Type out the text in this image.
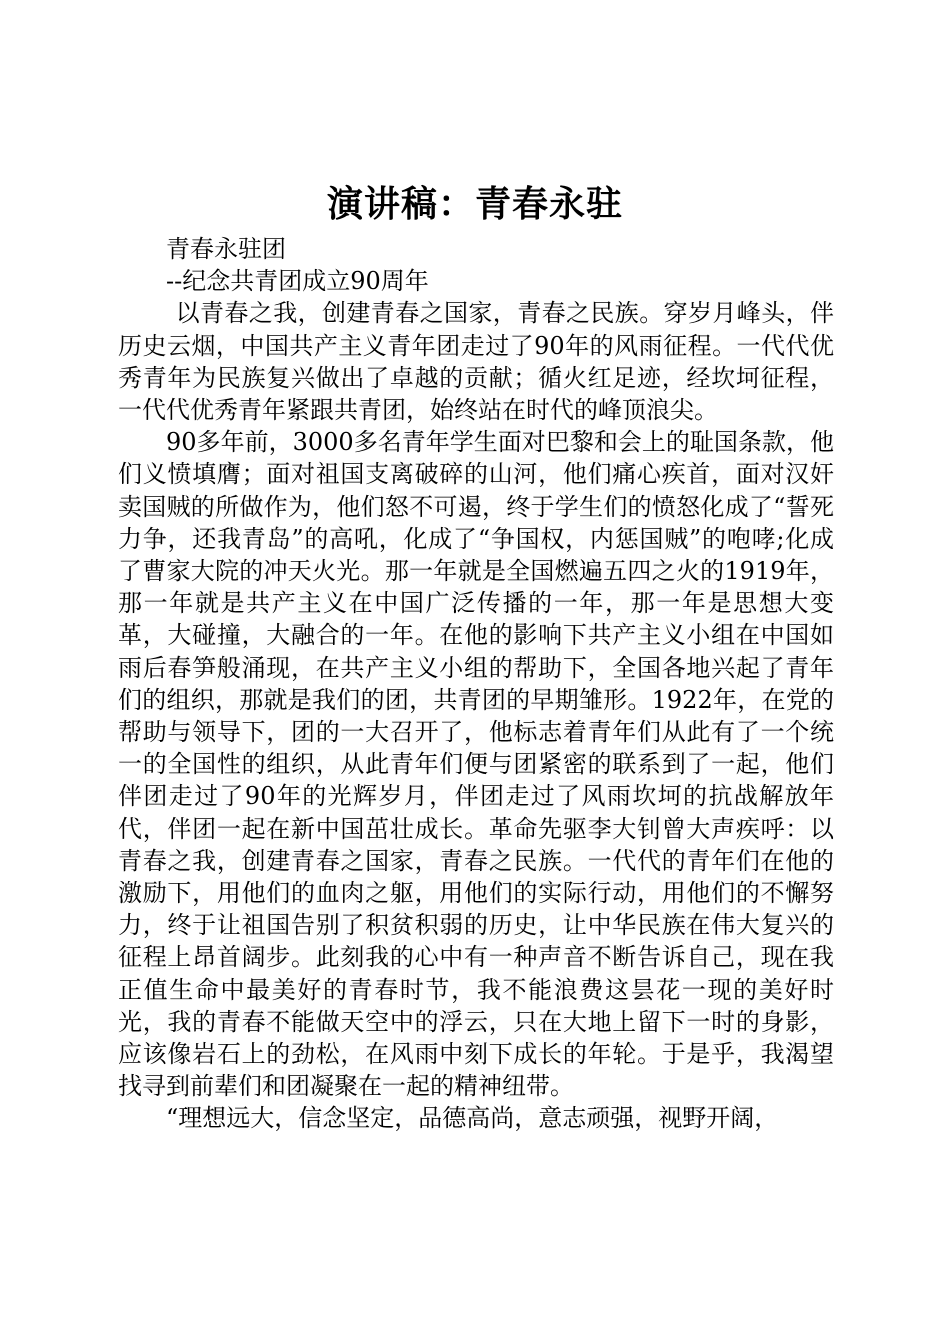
演讲稿：青春永驻

青春永驻团

--纪念共青团成立90周年

以青春之我，创建青春之国家，青春之民族。穿岁月峰头，伴历史云烟，中国共产主义青年团走过了90年的风雨征程。一代代优秀青年为民族复兴做出了卓越的贡献；循火红足迹，经坎坷征程，一代代优秀青年紧跟共青团，始终站在时代的峰顶浪尖。

90多年前，3000多名青年学生面对巴黎和会上的耻国条款，他们义愤填膺；面对祖国支离破碎的山河，他们痛心疾首，面对汉奸卖国贼的所做作为，他们怒不可遏，终于学生们的愤怒化成了“誓死力争，还我青岛”的高吼，化成了“争国权，内惩国贼”的咆哮;化成了曹家大院的冲天火光。那一年就是全国燃遍五四之火的1919年，那一年就是共产主义在中国广泛传播的一年，那一年是思想大变革，大碰撞，大融合的一年。在他的影响下共产主义小组在中国如雨后春笋般涌现，在共产主义小组的帮助下，全国各地兴起了青年们的组织，那就是我们的团，共青团的早期雏形。1922年，在党的帮助与领导下，团的一大召开了，他标志着青年们从此有了一个统一的全国性的组织，从此青年们便与团紧密的联系到了一起，他们伴团走过了90年的光辉岁月，伴团走过了风雨坎坷的抗战解放年代，伴团一起在新中国茁壮成长。革命先驱李大钊曾大声疾呼：以青春之我，创建青春之国家，青春之民族。一代代的青年们在他的激励下，用他们的血肉之躯，用他们的实际行动，用他们的不懈努力，终于让祖国告别了积贫积弱的历史，让中华民族在伟大复兴的征程上昂首阔步。此刻我的心中有一种声音不断告诉自己，现在我正值生命中最美好的青春时节，我不能浪费这昙花一现的美好时光，我的青春不能做天空中的浮云，只在大地上留下一时的身影，应该像岩石上的劲松，在风雨中刻下成长的年轮。于是乎，我渴望找寻到前辈们和团凝聚在一起的精神纽带。

“理想远大，信念坚定，品德高尚，意志顽强，视野开阔，
